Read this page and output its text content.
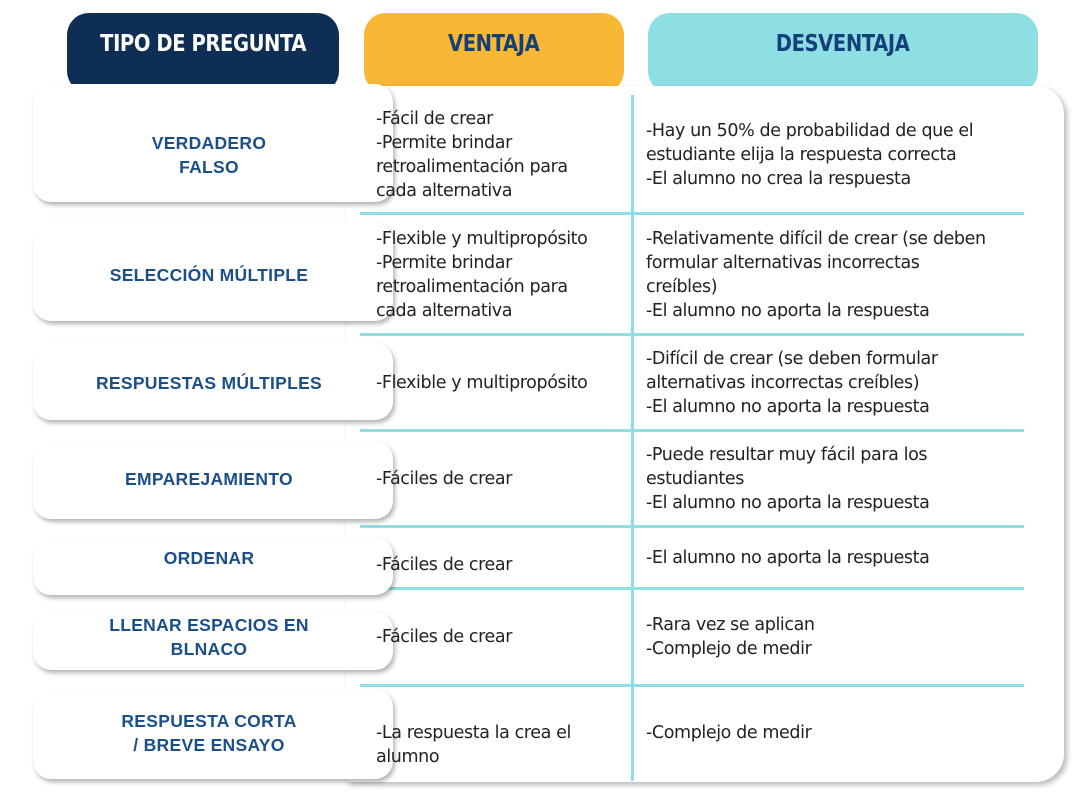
TIPO DE PREGUNTA	VENTAJA	DESVENTAJA
VERDADERO
FALSO
SELECCIÓN MÚLTIPLE
RESPUESTAS MÚLTIPLES
EMPAREJAMIENTO
ORDENAR
LLENAR ESPACIOS EN
BLNACO
RESPUESTA CORTA
/ BREVE ENSAYO
-Fácil de crear
-Permite brindar
retroalimentación para
cada alternativa
-Flexible y multipropósito
-Permite brindar
retroalimentación para
cada alternativa
-Flexible y multipropósito
-Fáciles de crear
-Fáciles de crear
-Fáciles de crear
-La respuesta la crea el
alumno
-Hay un 50% de probabilidad de que el
estudiante elija la respuesta correcta
-El alumno no crea la respuesta
-Relativamente difícil de crear (se deben
formular alternativas incorrectas
creíbles)
-El alumno no aporta la respuesta
-Difícil de crear (se deben formular
alternativas incorrectas creíbles)
-El alumno no aporta la respuesta
-Puede resultar muy fácil para los
estudiantes
-El alumno no aporta la respuesta
-El alumno no aporta la respuesta
-Rara vez se aplican
-Complejo de medir
-Complejo de medir
